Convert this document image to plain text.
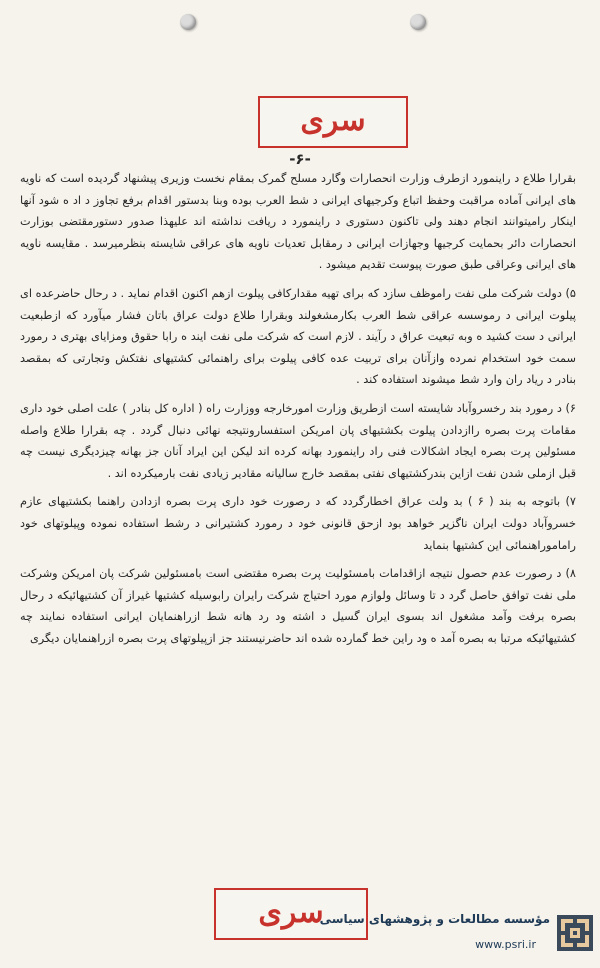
سری
-۶-

بقرارا طلاع د راینمورد ازطرف وزارت انحصارات وگارد مسلح گمرک بمقام نخست وزیری پیشنهاد گردیده است که ناویه های ایرانی آماده مراقبت وحفظ اتباع وکرجیهای ایرانی د شط العرب بوده وبنا بدستور اقدام برفع تجاوز د اد ه شود آنها اینکار رامیتوانند انجام دهند ولی تاکنون دستوری د راینمورد د ریافت نداشته اند علیهذا صدور دستورمقتضی بوزارت انحصارات دائر بحمایت کرجیها وجهازات ایرانی د رمقابل تعدیات ناویه های عراقی شایسته بنظرمیرسد . مقایسه ناویه های ایرانی وعراقی طبق صورت پیوست تقدیم میشود .

۵) دولت شرکت ملی نفت راموظف سازد که برای تهیه مقدارکافی پیلوت ازهم اکنون اقدام نماید . د رحال حاضرعده ای پیلوت ایرانی د رموسسه عراقی شط العرب بکارمشغولند وبقرارا طلاع دولت عراق باتان فشار میآورد که ازطبعیت ایرانی د ست کشید ه وبه تبعیت عراق د رآیند . لازم است که شرکت ملی نفت ایند ه رابا حقوق ومزایای بهتری د رمورد سمت خود استخدام نمرده وازآنان برای تربیت عده کافی پیلوت برای راهنمائی کشتیهای نفتکش وتجارتی که بمقصد بنادر د ریاد ران وارد شط میشوند استفاده کند .

۶) د رمورد بند رخسروآباد شایسته است ازطریق وزارت امورخارجه ووزارت راه ( اداره کل بنادر ) علت اصلی خود داری مقامات پرت بصره راازدادن پیلوت بکشتیهای پان امریکن استفسارونتیجه نهائی دنبال گردد . چه بقرارا طلاع واصله مسئولین پرت بصره ایجاد اشکالات فنی راد راینمورد بهانه کرده اند لیکن این ایراد آنان جز بهانه چیزدیگری نیست چه قبل ازملی شدن نفت ازاین بندرکشتیهای نفتی بمقصد خارج سالیانه مقادیر زیادی نفت بارمیکرده اند .

۷) باتوجه به بند ( ۶ ) بد ولت عراق اخطارگردد که د رصورت خود داری پرت بصره ازدادن راهنما بکشتیهای عازم خسروآباد دولت ایران ناگزیر خواهد بود ازحق قانونی خود د رمورد کشتیرانی د رشط استفاده نموده وپیلوتهای خود راماموراهنمائی این کشتیها بنماید

۸) د رصورت عدم حصول نتیجه ازاقدامات بامسئولیت پرت بصره مقتضی است بامسئولین شرکت پان امریکن وشرکت ملی نفت توافق حاصل گرد د تا وسائل ولوازم مورد احتیاج شرکت رایران رابوسیله کشتیها غیراز آن کشتیهائیکه د رحال بصره برفت وآمد مشغول اند بسوی ایران گسیل د اشته ود رد هانه شط ازراهنمایان ایرانی استفاده نمایند چه کشتیهائیکه مرتبا به بصره آمد ه ود راین خط گمارده شده اند حاضرنیستند جز ازپیلوتهای پرت بصره ازراهنمایان دیگری

سری
مؤسسه مطالعات و پژوهشهای سیاسی
www.psri.ir
